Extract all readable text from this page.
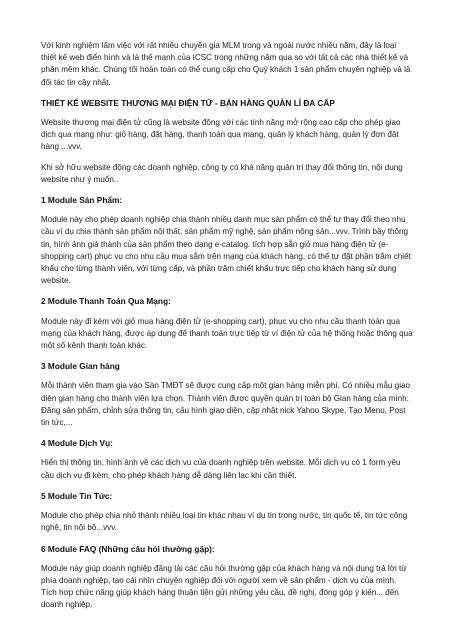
Với kinh nghiệm lâm việc với rất nhiều chuyên gia MLM trong và ngoài nước nhiều năm, đây là loại thiết kế web điển hình và là thế mạnh của ICSC trong những năm qua so với tất cả các nhà thiết kế và phần mềm khác. Chúng tôi hoàn toàn có thể cung cấp cho Quý khách 1 sản phẩm chuyên nghiệp và là đối tác tin cậy nhất.

THIẾT KẾ WEBSITE THƯƠNG MẠI ĐIỆN TỬ - BÁN HÀNG QUẢN LÍ ĐA CẤP

Website thương mại điện tử cũng là website động với các tính năng mở rộng cao cấp cho phép giao dịch qua mạng như: giỏ hàng, đặt hàng, thanh toán qua mạng, quản lý khách hàng, quản lý đơn đặt hàng ...vvv.

Khi sở hữu website động các doanh nghiệp, công ty có khả năng quản trị thay đổi thông tin, nội dung website như ý muốn..

1 Module Sản Phẩm:

Module này cho phép doanh nghiệp chia thành nhiều danh mục sản phẩm có thể tự thay đổi theo nhu cầu ví dụ chia thành sản phẩm nội thất, sản phẩm mỹ nghệ, sản phẩm nông sản...vvv. Trình bầy thông tin, hình ảnh giá thành của sản phẩm theo dạng e-catalog. tích hợp sẵn giỏ mua hàng điện tử (e-shopping cart) phục vụ cho nhu cầu mua sắm trên mạng của khách hàng, có thể tự đặt phần trăm chiết khấu cho từng thành viên, với từng cấp, và phần trăm chiết khấu trực tiếp cho khách hàng sử dụng website.

2 Module Thanh Toán Qua Mạng:

Module này đi kèm với giỏ mua hàng điện tử (e-shopping cart), phục vụ cho nhu cầu thanh toán qua mạng của khách hàng, được áp dụng để thanh toán trực tiếp từ ví điện tử của hệ thống hoặc thông qua một số kênh thanh toán khác.

3 Module Gian hàng

Mỗi thành viên tham gia vào Sàn TMĐT sẽ được cung cấp một gian hàng miễn phí. Có nhiều mẫu giao diện gian hàng cho thành viên lựa chọn. Thành viên được quyền quản trị toàn bộ Gian hàng của mình: Đăng sản phẩm, chỉnh sửa thông tin, cấu hình giao diện, cập nhật nick Yahoo Skype, Tạo Menu, Post tin tức,...

4 Module Dịch Vụ:

Hiển thị thông tin, hình ảnh về các dịch vụ của doanh nghiệp trên website. Mỗi dịch vụ có 1 form yêu cầu dịch vụ đi kèm, cho phép khách hàng dễ dàng liên lạc khi cần thiết.

5 Module Tin Tức:

Module cho phép chia nhỏ thành nhiều loại tin khác nhau ví dụ tin trong nước, tin quốc tế, tin tức công nghệ, tin nội bộ...vvv.

6 Module FAQ (Những câu hỏi thường gặp):

Module này giúp doanh nghiệp đăng tải các câu hỏi thường gặp của khách hàng và nội dung trả lời từ phía doanh nghiệp, tạo cái nhìn chuyên nghiệp đối với người xem về sản phẩm - dịch vụ của mình. Tích hợp chức năng giúp khách hàng thuận tiện gửi những yêu cầu, đề nghị, đóng góp ý kiến... đến doanh nghiệp.
